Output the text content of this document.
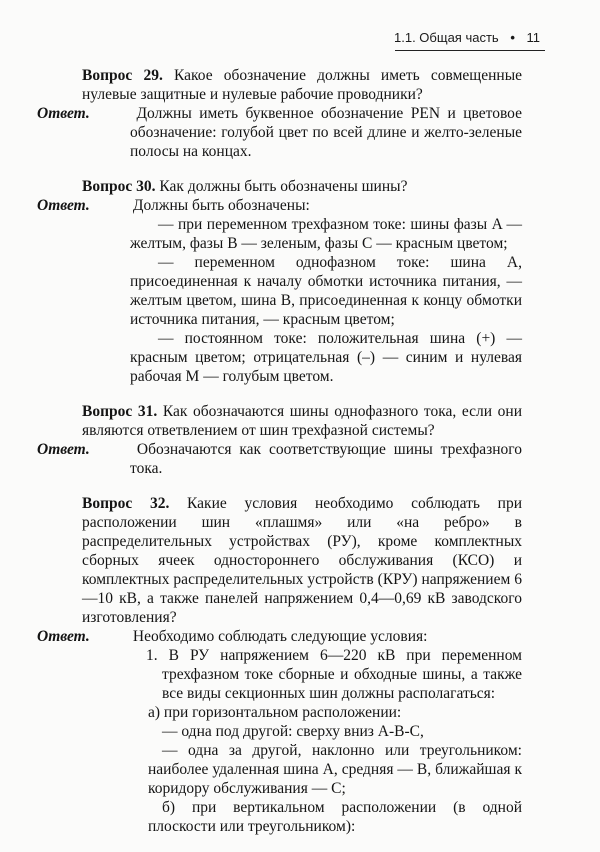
1.1. Общая часть • 11

Вопрос 29. Какое обозначение должны иметь совмещенные нулевые защитные и нулевые рабочие проводники?

Ответ.	Должны иметь буквенное обозначение PEN и цветовое обозначение: голубой цвет по всей длине и желто-зеленые полосы на концах.

Вопрос 30. Как должны быть обозначены шины?

Ответ.	Должны быть обозначены:

— при переменном трехфазном токе: шины фазы A — желтым, фазы B — зеленым, фазы C — красным цветом;

— переменном однофазном токе: шина А, присоединенная к началу обмотки источника питания, — желтым цветом, шина В, присоединенная к концу обмотки источника питания, — красным цветом;

— постоянном токе: положительная шина (+) — красным цветом; отрицательная (–) — синим и нулевая рабочая M — голубым цветом.

Вопрос 31. Как обозначаются шины однофазного тока, если они являются ответвлением от шин трехфазной системы?

Ответ.	Обозначаются как соответствующие шины трехфазного тока.

Вопрос 32. Какие условия необходимо соблюдать при расположении шин «плашмя» или «на ребро» в распределительных устройствах (РУ), кроме комплектных сборных ячеек одностороннего обслуживания (КСО) и комплектных распределительных устройств (КРУ) напряжением 6—10 кВ, а также панелей напряжением 0,4—0,69 кВ заводского изготовления?

Ответ.	Необходимо соблюдать следующие условия:

1. В РУ напряжением 6—220 кВ при переменном трехфазном токе сборные и обходные шины, а также все виды секционных шин должны располагаться:

а) при горизонтальном расположении:

— одна под другой: сверху вниз А-В-С,

— одна за другой, наклонно или треугольником: наиболее удаленная шина А, средняя — В, ближайшая к коридору обслуживания — С;

б) при вертикальном расположении (в одной плоскости или треугольником):
